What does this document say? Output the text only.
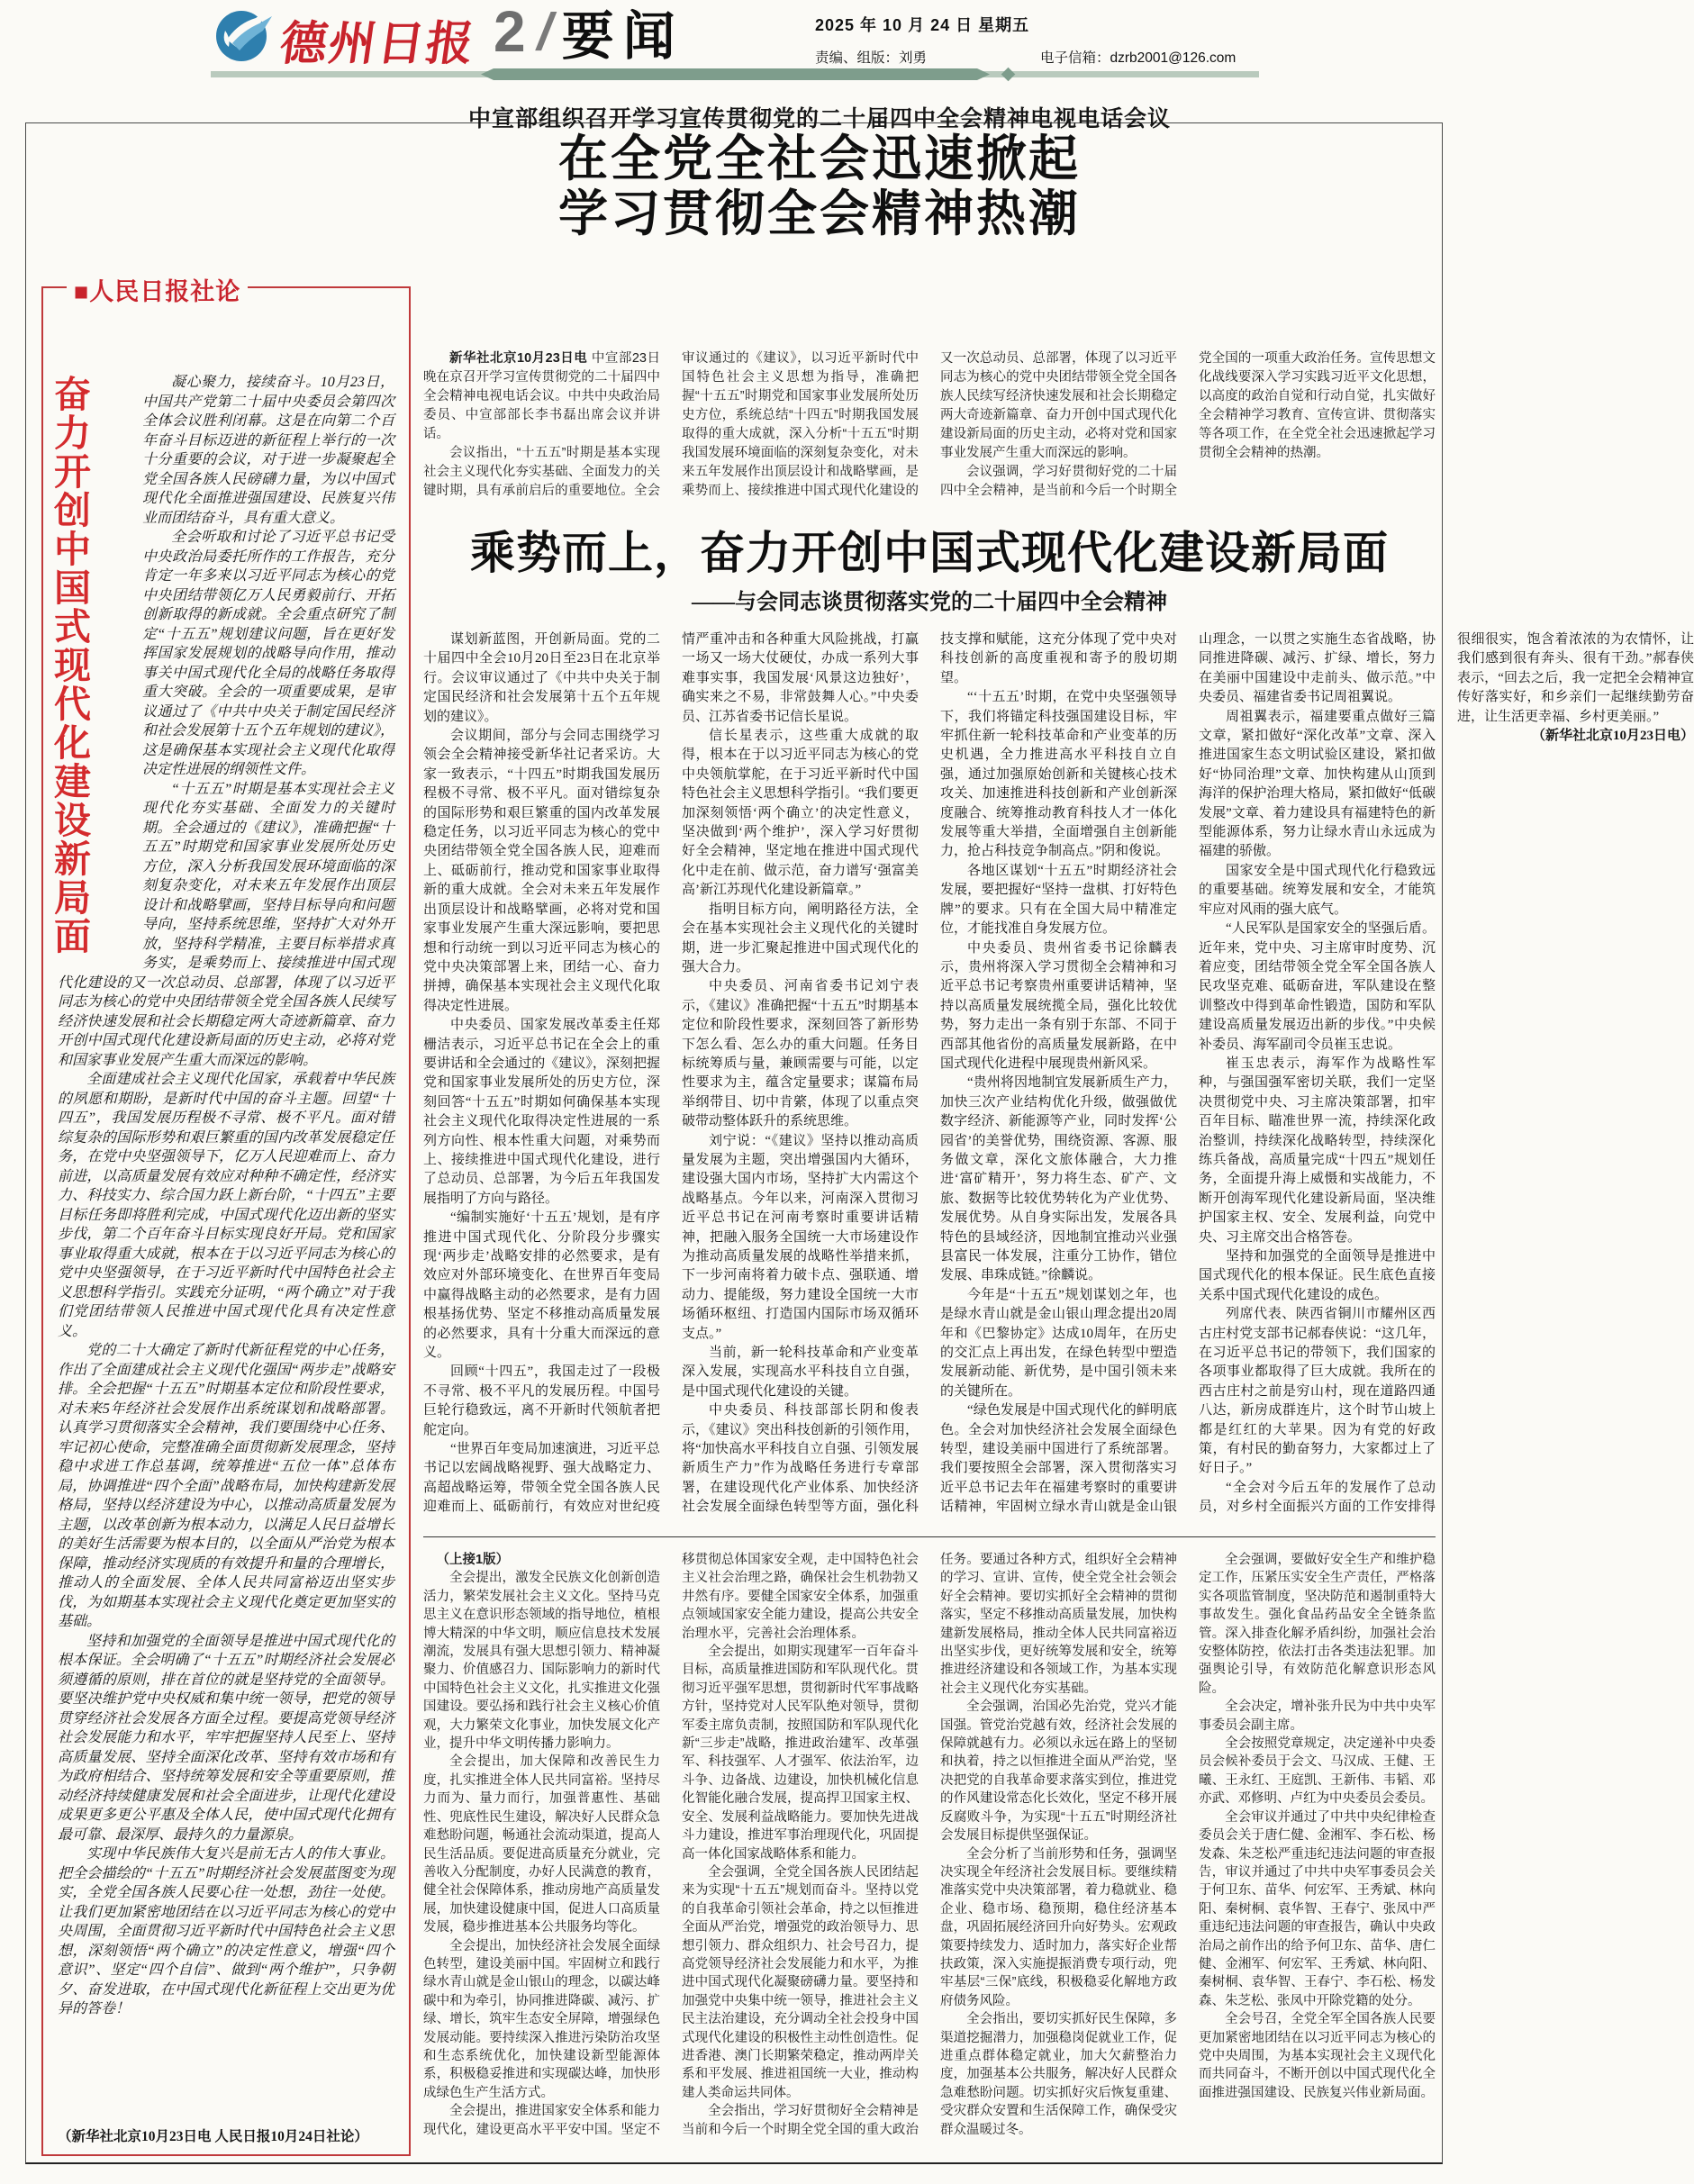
德州日报 2 / 要闻	2025 年 10 月 24 日 星期五
责编、组版：刘勇	电子信箱：dzrb2001@126.com
■人民日报社论
奋力开创中国式现代化建设新局面	凝心聚力，接续奋斗。10月23日，中国共产党第二十届中央委员会第四次全体会议胜利闭幕。这是在向第二个百年奋斗目标迈进的新征程上举行的一次十分重要的会议，对于进一步凝聚起全党全国各族人民磅礴力量，为以中国式现代化全面推进强国建设、民族复兴伟业而团结奋斗，具有重大意义。

全会听取和讨论了习近平总书记受中央政治局委托所作的工作报告，充分肯定一年多来以习近平同志为核心的党中央团结带领亿万人民勇毅前行、开拓创新取得的新成就。全会重点研究了制定“十五五”规划建议问题，旨在更好发挥国家发展规划的战略导向作用，推动事关中国式现代化全局的战略任务取得重大突破。全会的一项重要成果，是审议通过了《中共中央关于制定国民经济和社会发展第十五个五年规划的建议》，这是确保基本实现社会主义现代化取得决定性进展的纲领性文件。

“十五五”时期是基本实现社会主义现代化夯实基础、全面发力的关键时期。全会通过的《建议》，准确把握“十五五”时期党和国家事业发展所处历史方位，深入分析我国发展环境面临的深刻复杂变化，对未来五年发展作出顶层设计和战略擘画，坚持目标导向和问题导向，坚持系统思维，坚持扩大对外开放，坚持科学精准，主要目标举措求真务实，是乘势而上、接续推进中国式现代化建设的又一次总动员、总部署，体现了以习近平同志为核心的党中央团结带领全党全国各族人民续写经济快速发展和社会长期稳定两大奇迹新篇章、奋力开创中国式现代化建设新局面的历史主动，必将对党和国家事业发展产生重大而深远的影响。

全面建成社会主义现代化国家，承载着中华民族的夙愿和期盼，是新时代中国的奋斗主题。回望“十四五”，我国发展历程极不寻常、极不平凡。面对错综复杂的国际形势和艰巨繁重的国内改革发展稳定任务，在党中央坚强领导下，亿万人民迎难而上、奋力前进，以高质量发展有效应对种种不确定性，经济实力、科技实力、综合国力跃上新台阶，“十四五”主要目标任务即将胜利完成，中国式现代化迈出新的坚实步伐，第二个百年奋斗目标实现良好开局。党和国家事业取得重大成就，根本在于以习近平同志为核心的党中央坚强领导，在于习近平新时代中国特色社会主义思想科学指引。实践充分证明，“两个确立”对于我们党团结带领人民推进中国式现代化具有决定性意义。

党的二十大确定了新时代新征程党的中心任务，作出了全面建成社会主义现代化强国“两步走”战略安排。全会把握“十五五”时期基本定位和阶段性要求，对未来5年经济社会发展作出系统谋划和战略部署。认真学习贯彻落实全会精神，我们要围绕中心任务、牢记初心使命，完整准确全面贯彻新发展理念，坚持稳中求进工作总基调，统筹推进“五位一体”总体布局，协调推进“四个全面”战略布局，加快构建新发展格局，坚持以经济建设为中心，以推动高质量发展为主题，以改革创新为根本动力，以满足人民日益增长的美好生活需要为根本目的，以全面从严治党为根本保障，推动经济实现质的有效提升和量的合理增长，推动人的全面发展、全体人民共同富裕迈出坚实步伐，为如期基本实现社会主义现代化奠定更加坚实的基础。

坚持和加强党的全面领导是推进中国式现代化的根本保证。全会明确了“十五五”时期经济社会发展必须遵循的原则，排在首位的就是坚持党的全面领导。要坚决维护党中央权威和集中统一领导，把党的领导贯穿经济社会发展各方面全过程。要提高党领导经济社会发展能力和水平，牢牢把握坚持人民至上、坚持高质量发展、坚持全面深化改革、坚持有效市场和有为政府相结合、坚持统筹发展和安全等重要原则，推动经济持续健康发展和社会全面进步，让现代化建设成果更多更公平惠及全体人民，使中国式现代化拥有最可靠、最深厚、最持久的力量源泉。

实现中华民族伟大复兴是前无古人的伟大事业。把全会描绘的“十五五”时期经济社会发展蓝图变为现实，全党全国各族人民要心往一处想，劲往一处使。让我们更加紧密地团结在以习近平同志为核心的党中央周围，全面贯彻习近平新时代中国特色社会主义思想，深刻领悟“两个确立”的决定性意义，增强“四个意识”、坚定“四个自信”、做到“两个维护”，只争朝夕、奋发进取，在中国式现代化新征程上交出更为优异的答卷！

（新华社北京10月23日电 人民日报10月24日社论）
中宣部组织召开学习宣传贯彻党的二十届四中全会精神电视电话会议
在全党全社会迅速掀起
学习贯彻全会精神热潮

新华社北京10月23日电 中宣部23日晚在京召开学习宣传贯彻党的二十届四中全会精神电视电话会议。中共中央政治局委员、中宣部部长李书磊出席会议并讲话。

会议指出，“十五五”时期是基本实现社会主义现代化夯实基础、全面发力的关键时期，具有承前启后的重要地位。全会审议通过的《建议》，以习近平新时代中国特色社会主义思想为指导，准确把握“十五五”时期党和国家事业发展所处历史方位，系统总结“十四五”时期我国发展取得的重大成就，深入分析“十五五”时期我国发展环境面临的深刻复杂变化，对未来五年发展作出顶层设计和战略擘画，是乘势而上、接续推进中国式现代化建设的又一次总动员、总部署，体现了以习近平同志为核心的党中央团结带领全党全国各族人民续写经济快速发展和社会长期稳定两大奇迹新篇章、奋力开创中国式现代化建设新局面的历史主动，必将对党和国家事业发展产生重大而深远的影响。

会议强调，学习好贯彻好党的二十届四中全会精神，是当前和今后一个时期全党全国的一项重大政治任务。宣传思想文化战线要深入学习实践习近平文化思想，以高度的政治自觉和行动自觉，扎实做好全会精神学习教育、宣传宣讲、贯彻落实等各项工作，在全党全社会迅速掀起学习贯彻全会精神的热潮。

乘势而上，奋力开创中国式现代化建设新局面
——与会同志谈贯彻落实党的二十届四中全会精神

谋划新蓝图，开创新局面。党的二十届四中全会10月20日至23日在北京举行。会议审议通过了《中共中央关于制定国民经济和社会发展第十五个五年规划的建议》。

会议期间，部分与会同志围绕学习领会全会精神接受新华社记者采访。大家一致表示，“十四五”时期我国发展历程极不寻常、极不平凡。面对错综复杂的国际形势和艰巨繁重的国内改革发展稳定任务，以习近平同志为核心的党中央团结带领全党全国各族人民，迎难而上、砥砺前行，推动党和国家事业取得新的重大成就。全会对未来五年发展作出顶层设计和战略擘画，必将对党和国家事业发展产生重大深远影响，要把思想和行动统一到以习近平同志为核心的党中央决策部署上来，团结一心、奋力拼搏，确保基本实现社会主义现代化取得决定性进展。

中央委员、国家发展改革委主任郑栅洁表示，习近平总书记在全会上的重要讲话和全会通过的《建议》，深刻把握党和国家事业发展所处的历史方位，深刻回答“十五五”时期如何确保基本实现社会主义现代化取得决定性进展的一系列方向性、根本性重大问题，对乘势而上、接续推进中国式现代化建设，进行了总动员、总部署，为今后五年我国发展指明了方向与路径。

“编制实施好‘十五五’规划，是有序推进中国式现代化、分阶段分步骤实现‘两步走’战略安排的必然要求，是有效应对外部环境变化、在世界百年变局中赢得战略主动的必然要求，是有力固根基扬优势、坚定不移推动高质量发展的必然要求，具有十分重大而深远的意义。

回顾“十四五”，我国走过了一段极不寻常、极不平凡的发展历程。中国号巨轮行稳致远，离不开新时代领航者把舵定向。

“世界百年变局加速演进，习近平总书记以宏阔战略视野、强大战略定力、高超战略运筹，带领全党全国各族人民迎难而上、砥砺前行，有效应对世纪疫情严重冲击和各种重大风险挑战，打赢一场又一场大仗硬仗，办成一系列大事难事实事，我国发展‘风景这边独好’，确实来之不易，非常鼓舞人心。”中央委员、江苏省委书记信长星说。

信长星表示，这些重大成就的取得，根本在于以习近平同志为核心的党中央领航掌舵，在于习近平新时代中国特色社会主义思想科学指引。“我们要更加深刻领悟‘两个确立’的决定性意义，坚决做到‘两个维护’，深入学习好贯彻好全会精神，坚定地在推进中国式现代化中走在前、做示范，奋力谱写‘强富美高’新江苏现代化建设新篇章。”

指明目标方向，阐明路径方法，全会在基本实现社会主义现代化的关键时期，进一步汇聚起推进中国式现代化的强大合力。

中央委员、河南省委书记刘宁表示，《建议》准确把握“十五五”时期基本定位和阶段性要求，深刻回答了新形势下怎么看、怎么办的重大问题。任务目标统筹质与量，兼顾需要与可能，以定性要求为主，蕴含定量要求；谋篇布局举纲带目、切中肯綮，体现了以重点突破带动整体跃升的系统思维。

刘宁说：“《建议》坚持以推动高质量发展为主题，突出增强国内大循环，建设强大国内市场，坚持扩大内需这个战略基点。今年以来，河南深入贯彻习近平总书记在河南考察时重要讲话精神，把融入服务全国统一大市场建设作为推动高质量发展的战略性举措来抓，下一步河南将着力破卡点、强联通、增动力、提能级，努力建设全国统一大市场循环枢纽、打造国内国际市场双循环支点。”

当前，新一轮科技革命和产业变革深入发展，实现高水平科技自立自强，是中国式现代化建设的关键。

中央委员、科技部部长阴和俊表示，《建议》突出科技创新的引领作用，将“加快高水平科技自立自强、引领发展新质生产力”作为战略任务进行专章部署，在建设现代化产业体系、加快经济社会发展全面绿色转型等方面，强化科技支撑和赋能，这充分体现了党中央对科技创新的高度重视和寄予的殷切期望。

“‘十五五’时期，在党中央坚强领导下，我们将锚定科技强国建设目标，牢牢抓住新一轮科技革命和产业变革的历史机遇，全力推进高水平科技自立自强，通过加强原始创新和关键核心技术攻关、加速推进科技创新和产业创新深度融合、统筹推动教育科技人才一体化发展等重大举措，全面增强自主创新能力，抢占科技竞争制高点。”阴和俊说。

各地区谋划“十五五”时期经济社会发展，要把握好“坚持一盘棋、打好特色牌”的要求。只有在全国大局中精准定位，才能找准自身发展方位。

中央委员、贵州省委书记徐麟表示，贵州将深入学习贯彻全会精神和习近平总书记考察贵州重要讲话精神，坚持以高质量发展统揽全局，强化比较优势，努力走出一条有别于东部、不同于西部其他省份的高质量发展新路，在中国式现代化进程中展现贵州新风采。

“贵州将因地制宜发展新质生产力，加快三次产业结构优化升级，做强做优数字经济、新能源等产业，同时发挥‘公园省’的美誉优势，围绕资源、客源、服务做文章，深化文旅体融合，大力推进‘富矿精开’，努力将生态、矿产、文旅、数据等比较优势转化为产业优势、发展优势。从自身实际出发，发展各具特色的县域经济，因地制宜推动兴业强县富民一体发展，注重分工协作，错位发展、串珠成链。”徐麟说。

今年是“十五五”规划谋划之年，也是绿水青山就是金山银山理念提出20周年和《巴黎协定》达成10周年，在历史的交汇点上再出发，在绿色转型中塑造发展新动能、新优势，是中国引领未来的关键所在。

“绿色发展是中国式现代化的鲜明底色。全会对加快经济社会发展全面绿色转型，建设美丽中国进行了系统部署。我们要按照全会部署，深入贯彻落实习近平总书记去年在福建考察时的重要讲话精神，牢固树立绿水青山就是金山银山理念，一以贯之实施生态省战略，协同推进降碳、减污、扩绿、增长，努力在美丽中国建设中走前头、做示范。”中央委员、福建省委书记周祖翼说。

周祖翼表示，福建要重点做好三篇文章，紧扣做好“深化改革”文章、深入推进国家生态文明试验区建设，紧扣做好“协同治理”文章、加快构建从山顶到海洋的保护治理大格局，紧扣做好“低碳发展”文章、着力建设具有福建特色的新型能源体系，努力让绿水青山永远成为福建的骄傲。

国家安全是中国式现代化行稳致远的重要基础。统筹发展和安全，才能筑牢应对风雨的强大底气。

“人民军队是国家安全的坚强后盾。近年来，党中央、习主席审时度势、沉着应变，团结带领全党全军全国各族人民攻坚克难、砥砺奋进，军队建设在整训整改中得到革命性锻造，国防和军队建设高质量发展迈出新的步伐。”中央候补委员、海军副司令员崔玉忠说。

崔玉忠表示，海军作为战略性军种，与强国强军密切关联，我们一定坚决贯彻党中央、习主席决策部署，扣牢百年目标、瞄准世界一流，持续深化政治整训，持续深化战略转型，持续深化练兵备战，高质量完成“十四五”规划任务，全面提升海上威慑和实战能力，不断开创海军现代化建设新局面，坚决维护国家主权、安全、发展利益，向党中央、习主席交出合格答卷。

坚持和加强党的全面领导是推进中国式现代化的根本保证。民生底色直接关系中国式现代化建设的成色。

列席代表、陕西省铜川市耀州区西古庄村党支部书记郝春侠说：“这几年，在习近平总书记的带领下，我们国家的各项事业都取得了巨大成就。我所在的西古庄村之前是穷山村，现在道路四通八达，新房成群连片，这个时节山坡上都是红红的大苹果。因为有党的好政策，有村民的勤奋努力，大家都过上了好日子。”

“全会对今后五年的发展作了总动员，对乡村全面振兴方面的工作安排得很细很实，饱含着浓浓的为农情怀，让我们感到很有奔头、很有干劲。”郝春侠表示，“回去之后，我一定把全会精神宣传好落实好，和乡亲们一起继续勤劳奋进，让生活更幸福、乡村更美丽。”

（新华社北京10月23日电）

（上接1版）

全会提出，激发全民族文化创新创造活力，繁荣发展社会主义文化。坚持马克思主义在意识形态领域的指导地位，植根博大精深的中华文明，顺应信息技术发展潮流，发展具有强大思想引领力、精神凝聚力、价值感召力、国际影响力的新时代中国特色社会主义文化，扎实推进文化强国建设。要弘扬和践行社会主义核心价值观，大力繁荣文化事业，加快发展文化产业，提升中华文明传播力影响力。

全会提出，加大保障和改善民生力度，扎实推进全体人民共同富裕。坚持尽力而为、量力而行，加强普惠性、基础性、兜底性民生建设，解决好人民群众急难愁盼问题，畅通社会流动渠道，提高人民生活品质。要促进高质量充分就业，完善收入分配制度，办好人民满意的教育，健全社会保障体系，推动房地产高质量发展，加快建设健康中国，促进人口高质量发展，稳步推进基本公共服务均等化。

全会提出，加快经济社会发展全面绿色转型，建设美丽中国。牢固树立和践行绿水青山就是金山银山的理念，以碳达峰碳中和为牵引，协同推进降碳、减污、扩绿、增长，筑牢生态安全屏障，增强绿色发展动能。要持续深入推进污染防治攻坚和生态系统优化，加快建设新型能源体系，积极稳妥推进和实现碳达峰，加快形成绿色生产生活方式。

全会提出，推进国家安全体系和能力现代化，建设更高水平平安中国。坚定不移贯彻总体国家安全观，走中国特色社会主义社会治理之路，确保社会生机勃勃又井然有序。要健全国家安全体系，加强重点领域国家安全能力建设，提高公共安全治理水平，完善社会治理体系。

全会提出，如期实现建军一百年奋斗目标，高质量推进国防和军队现代化。贯彻习近平强军思想，贯彻新时代军事战略方针，坚持党对人民军队绝对领导，贯彻军委主席负责制，按照国防和军队现代化新“三步走”战略，推进政治建军、改革强军、科技强军、人才强军、依法治军，边斗争、边备战、边建设，加快机械化信息化智能化融合发展，提高捍卫国家主权、安全、发展利益战略能力。要加快先进战斗力建设，推进军事治理现代化，巩固提高一体化国家战略体系和能力。

全会强调，全党全国各族人民团结起来为实现“十五五”规划而奋斗。坚持以党的自我革命引领社会革命，持之以恒推进全面从严治党，增强党的政治领导力、思想引领力、群众组织力、社会号召力，提高党领导经济社会发展能力和水平，为推进中国式现代化凝聚磅礴力量。要坚持和加强党中央集中统一领导，推进社会主义民主法治建设，充分调动全社会投身中国式现代化建设的积极性主动性创造性。促进香港、澳门长期繁荣稳定，推动两岸关系和平发展、推进祖国统一大业，推动构建人类命运共同体。

全会指出，学习好贯彻好全会精神是当前和今后一个时期全党全国的重大政治任务。要通过各种方式，组织好全会精神的学习、宣讲、宣传，使全党全社会领会好全会精神。要切实抓好全会精神的贯彻落实，坚定不移推动高质量发展，加快构建新发展格局，推动全体人民共同富裕迈出坚实步伐，更好统筹发展和安全，统筹推进经济建设和各领域工作，为基本实现社会主义现代化夯实基础。

全会强调，治国必先治党，党兴才能国强。管党治党越有效，经济社会发展的保障就越有力。必须以永远在路上的坚韧和执着，持之以恒推进全面从严治党，坚决把党的自我革命要求落实到位，推进党的作风建设常态化长效化，坚定不移开展反腐败斗争，为实现“十五五”时期经济社会发展目标提供坚强保证。

全会分析了当前形势和任务，强调坚决实现全年经济社会发展目标。要继续精准落实党中央决策部署，着力稳就业、稳企业、稳市场、稳预期，稳住经济基本盘，巩固拓展经济回升向好势头。宏观政策要持续发力、适时加力，落实好企业帮扶政策，深入实施提振消费专项行动，兜牢基层“三保”底线，积极稳妥化解地方政府债务风险。

全会指出，要切实抓好民生保障，多渠道挖掘潜力，加强稳岗促就业工作，促进重点群体稳定就业，加大欠薪整治力度，加强基本公共服务，解决好人民群众急难愁盼问题。切实抓好灾后恢复重建、受灾群众安置和生活保障工作，确保受灾群众温暖过冬。

全会强调，要做好安全生产和维护稳定工作，压紧压实安全生产责任，严格落实各项监管制度，坚决防范和遏制重特大事故发生。强化食品药品安全全链条监管。深入排查化解矛盾纠纷，加强社会治安整体防控，依法打击各类违法犯罪。加强舆论引导，有效防范化解意识形态风险。

全会决定，增补张升民为中共中央军事委员会副主席。

全会按照党章规定，决定递补中央委员会候补委员于会文、马汉成、王健、王曦、王永红、王庭凯、王新伟、韦韬、邓亦武、邓修明、卢红为中央委员会委员。

全会审议并通过了中共中央纪律检查委员会关于唐仁健、金湘军、李石松、杨发森、朱芝松严重违纪违法问题的审查报告，审议并通过了中共中央军事委员会关于何卫东、苗华、何宏军、王秀斌、林向阳、秦树桐、袁华智、王春宁、张凤中严重违纪违法问题的审查报告，确认中央政治局之前作出的给予何卫东、苗华、唐仁健、金湘军、何宏军、王秀斌、林向阳、秦树桐、袁华智、王春宁、李石松、杨发森、朱芝松、张凤中开除党籍的处分。

全会号召，全党全军全国各族人民要更加紧密地团结在以习近平同志为核心的党中央周围，为基本实现社会主义现代化而共同奋斗，不断开创以中国式现代化全面推进强国建设、民族复兴伟业新局面。
